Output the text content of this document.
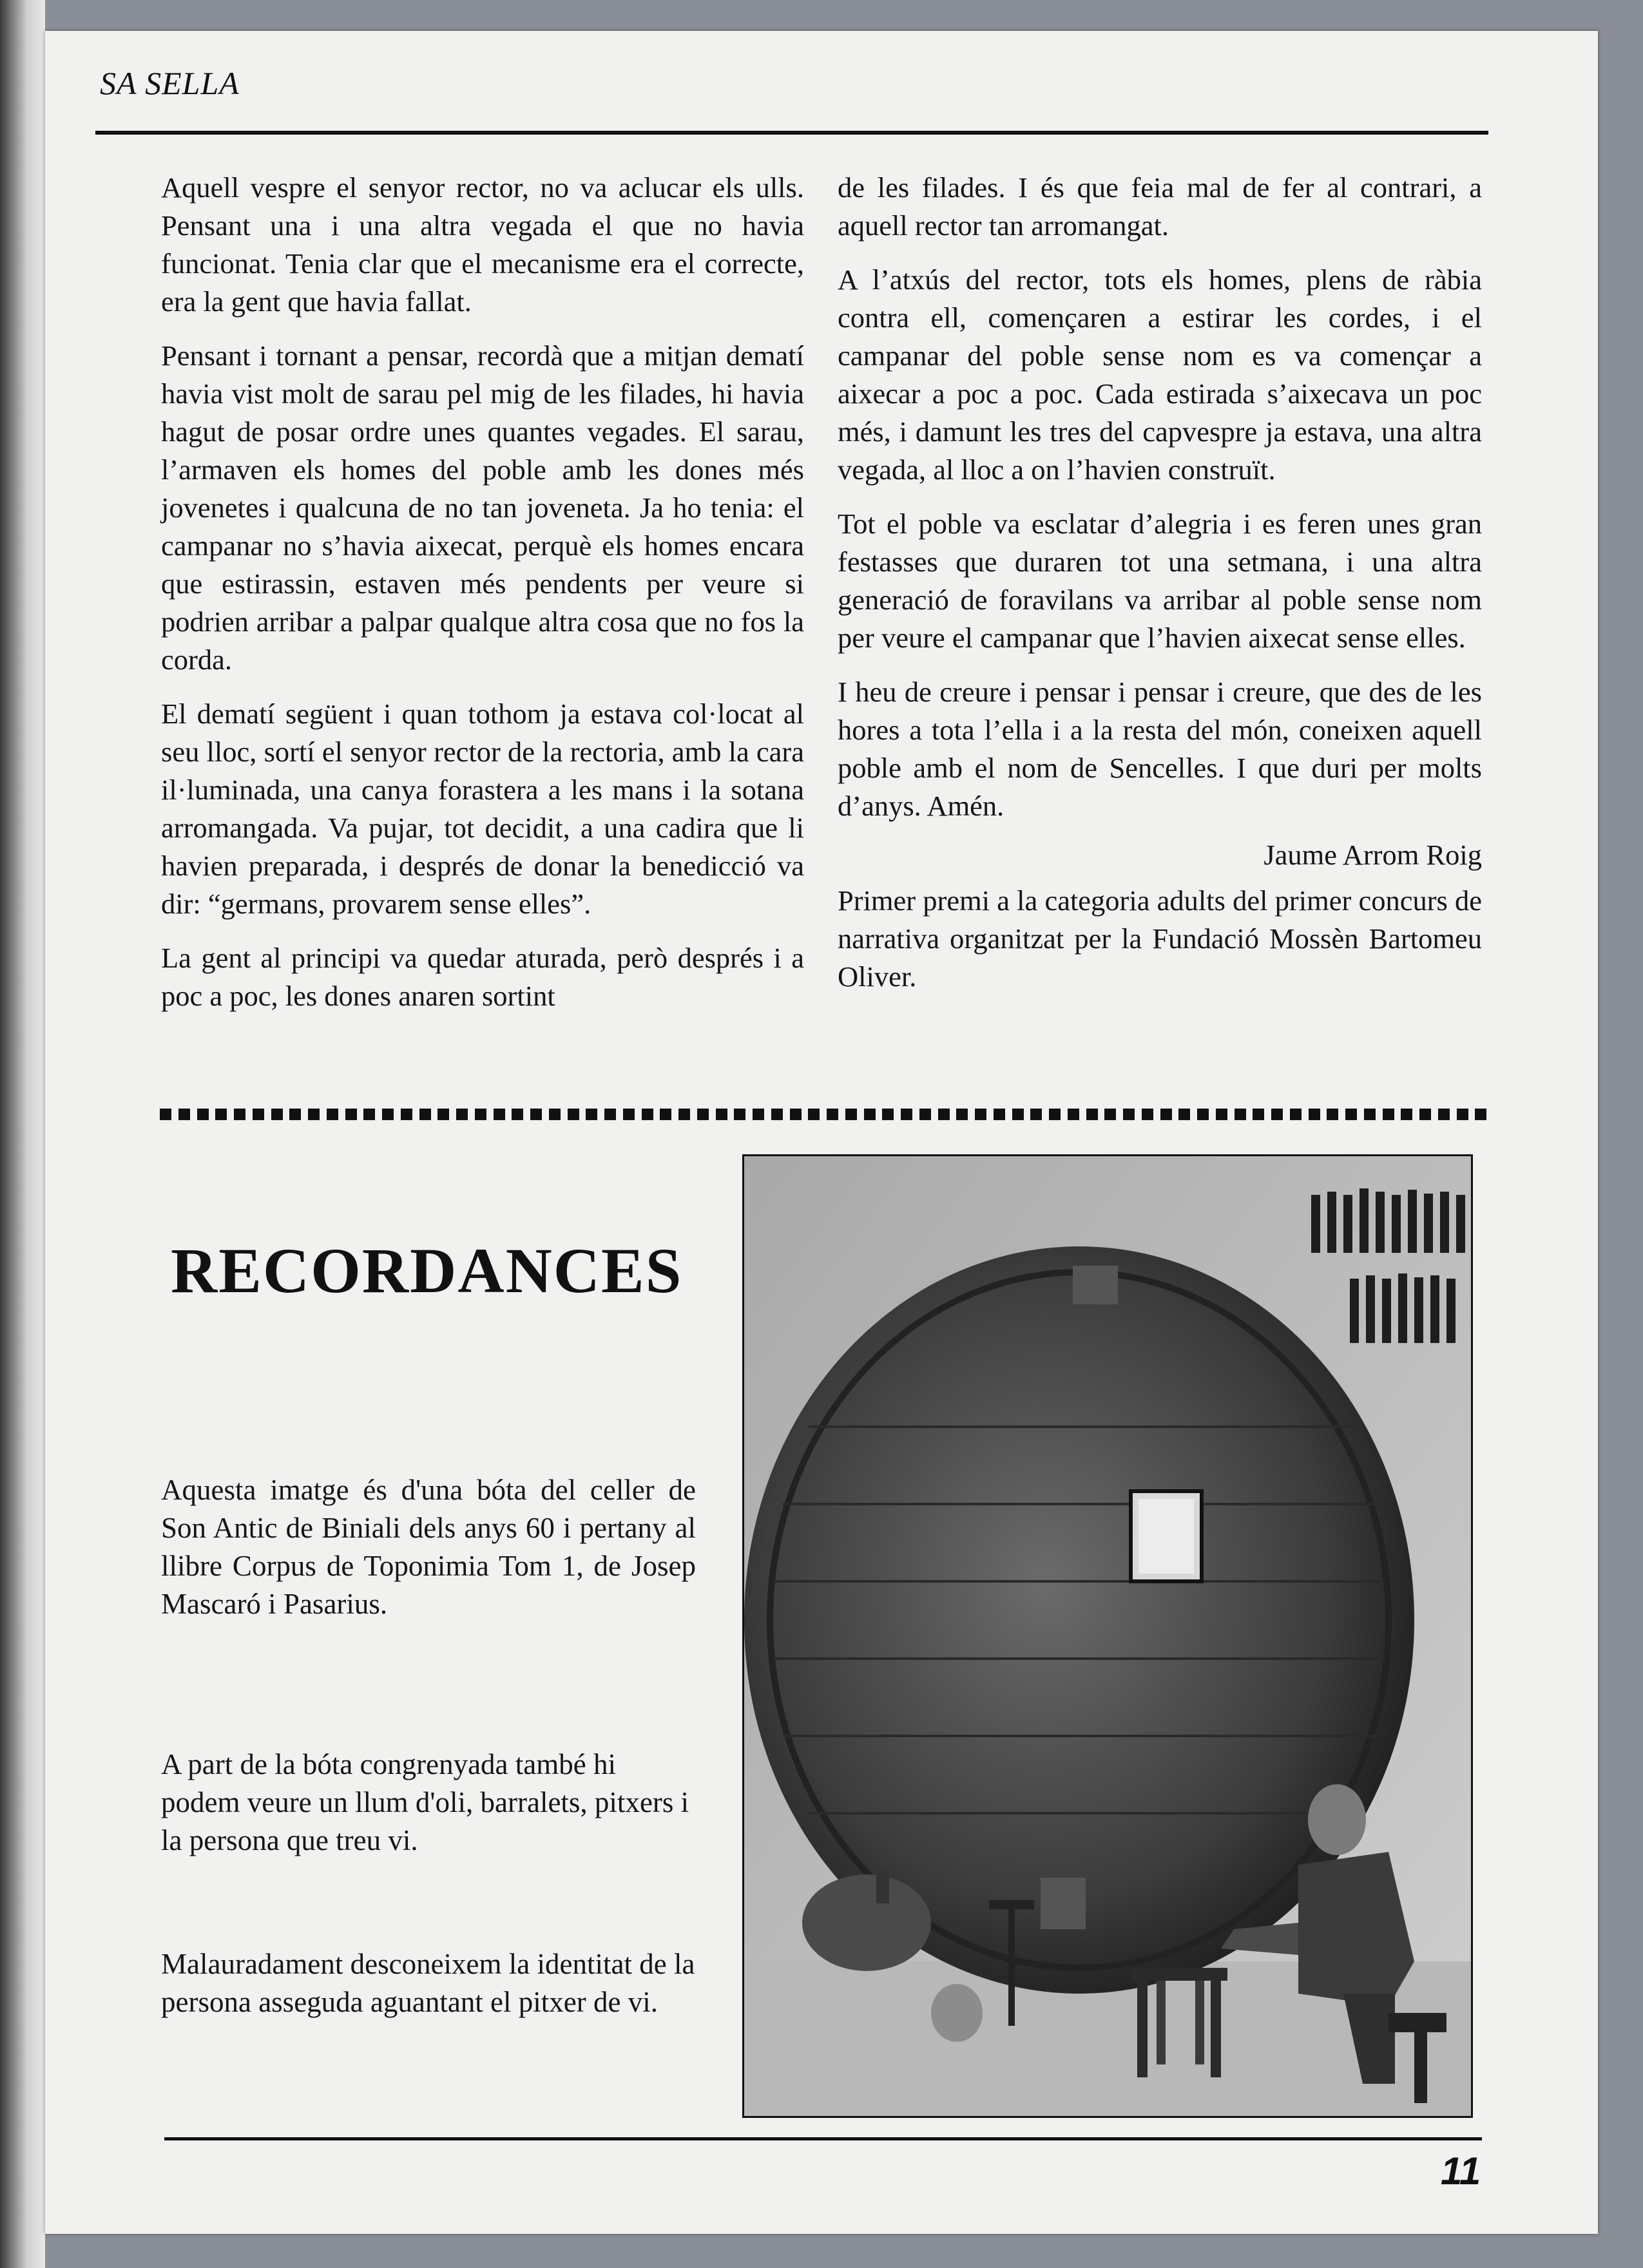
SA SELLA

Aquell vespre el senyor rector, no va aclucar els ulls. Pensant una i una altra vegada el que no havia funcionat. Tenia clar que el mecanisme era el correcte, era la gent que havia fallat.

Pensant i tornant a pensar, recordà que a mitjan dematí havia vist molt de sarau pel mig de les filades, hi havia hagut de posar ordre unes quantes vegades. El sarau, l’armaven els homes del poble amb les dones més jovenetes i qualcuna de no tan joveneta. Ja ho tenia: el campanar no s’havia aixecat, perquè els homes encara que estirassin, estaven més pendents per veure si podrien arribar a palpar qualque altra cosa que no fos la corda.

El dematí següent i quan tothom ja estava col·locat al seu lloc, sortí el senyor rector de la rectoria, amb la cara il·luminada, una canya forastera a les mans i la sotana arromangada. Va pujar, tot decidit, a una cadira que li havien preparada, i després de donar la benedicció va dir: “germans, provarem sense elles”.

La gent al principi va quedar aturada, però després i a poc a poc, les dones anaren sortint

de les filades. I és que feia mal de fer al contrari, a aquell rector tan arromangat.

A l’atxús del rector, tots els homes, plens de ràbia contra ell, començaren a estirar les cordes, i el campanar del poble sense nom es va començar a aixecar a poc a poc. Cada estirada s’aixecava un poc més, i damunt les tres del capvespre ja estava, una altra vegada, al lloc a on l’havien construït.

Tot el poble va esclatar d’alegria i es feren unes gran festasses que duraren tot una setmana, i una altra generació de foravilans va arribar al poble sense nom per veure el campanar que l’havien aixecat sense elles.

I heu de creure i pensar i pensar i creure, que des de les hores a tota l’ella i a la resta del món, coneixen aquell poble amb el nom de Sencelles. I que duri per molts d’anys. Amén.

Jaume Arrom Roig

Primer premi a la categoria adults del primer concurs de narrativa organitzat per la Fundació Mossèn Bartomeu Oliver.

RECORDANCES
Aquesta imatge és d'una bóta del celler de Son Antic de Biniali dels anys 60 i pertany al llibre Corpus de Toponimia Tom 1, de Josep Mascaró i Pasarius.
A part de la bóta congrenyada també hi podem veure un llum d'oli, barralets, pitxers i la persona que treu vi.
Malauradament desconeixem la identitat de la persona asseguda aguantant el pitxer de vi.
11
